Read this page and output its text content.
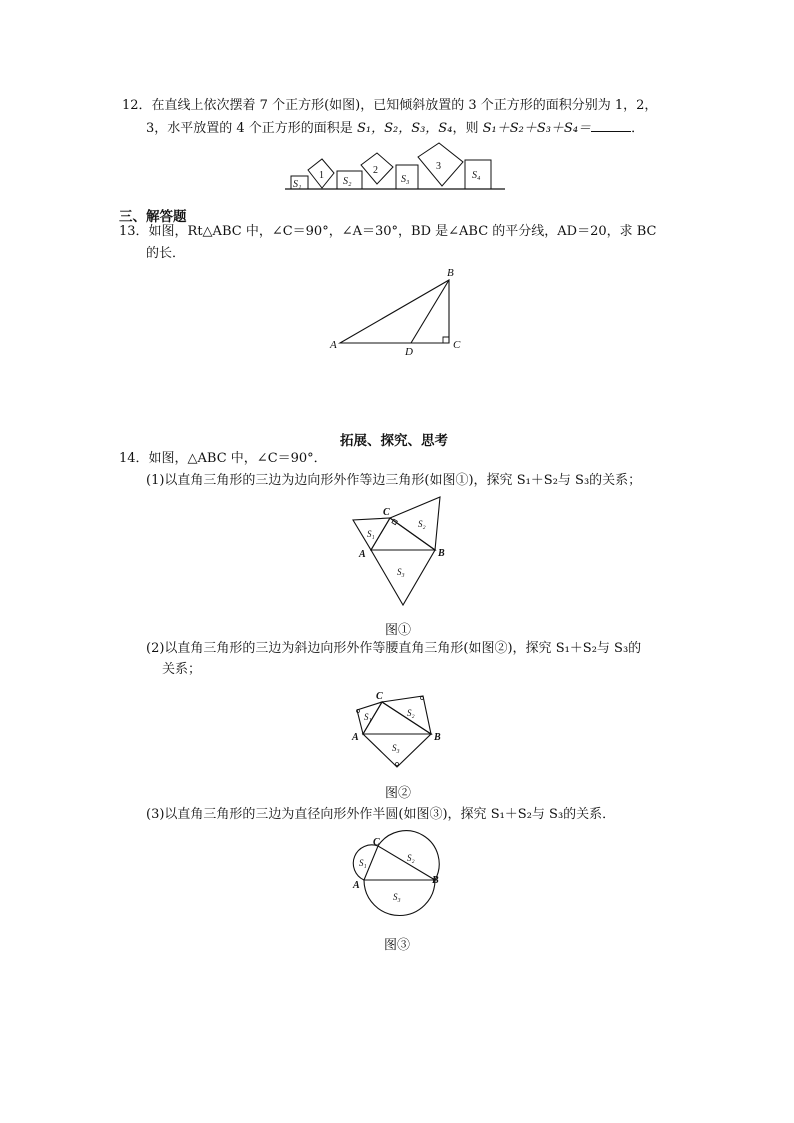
12．在直线上依次摆着 7 个正方形(如图)，已知倾斜放置的 3 个正方形的面积分别为 1，2，
3，水平放置的 4 个正方形的面积是 S₁，S₂，S₃，S₄，则 S₁＋S₂＋S₃＋S₄＝	．
S₁
1
S₂
2
S₃
3
S₄
三、解答题
13．如图，Rt△ABC 中，∠C＝90°，∠A＝30°，BD 是∠ABC 的平分线，AD＝20，求 BC
的长．
A
B
C
D
拓展、探究、思考
14．如图，△ABC 中，∠C＝90°．
(1)以直角三角形的三边为边向形外作等边三角形(如图①)，探究 S₁＋S₂与 S₃的关系；
A
C
B
S₁
S₂
S₃
图①
(2)以直角三角形的三边为斜边向形外作等腰直角三角形(如图②)，探究 S₁＋S₂与 S₃的
关系；
A
C
B
S₁	S₂
S₃
图②
(3)以直角三角形的三边为直径向形外作半圆(如图③)，探究 S₁＋S₂与 S₃的关系．
A
C
B
S₁	S₂
S₃
图③
